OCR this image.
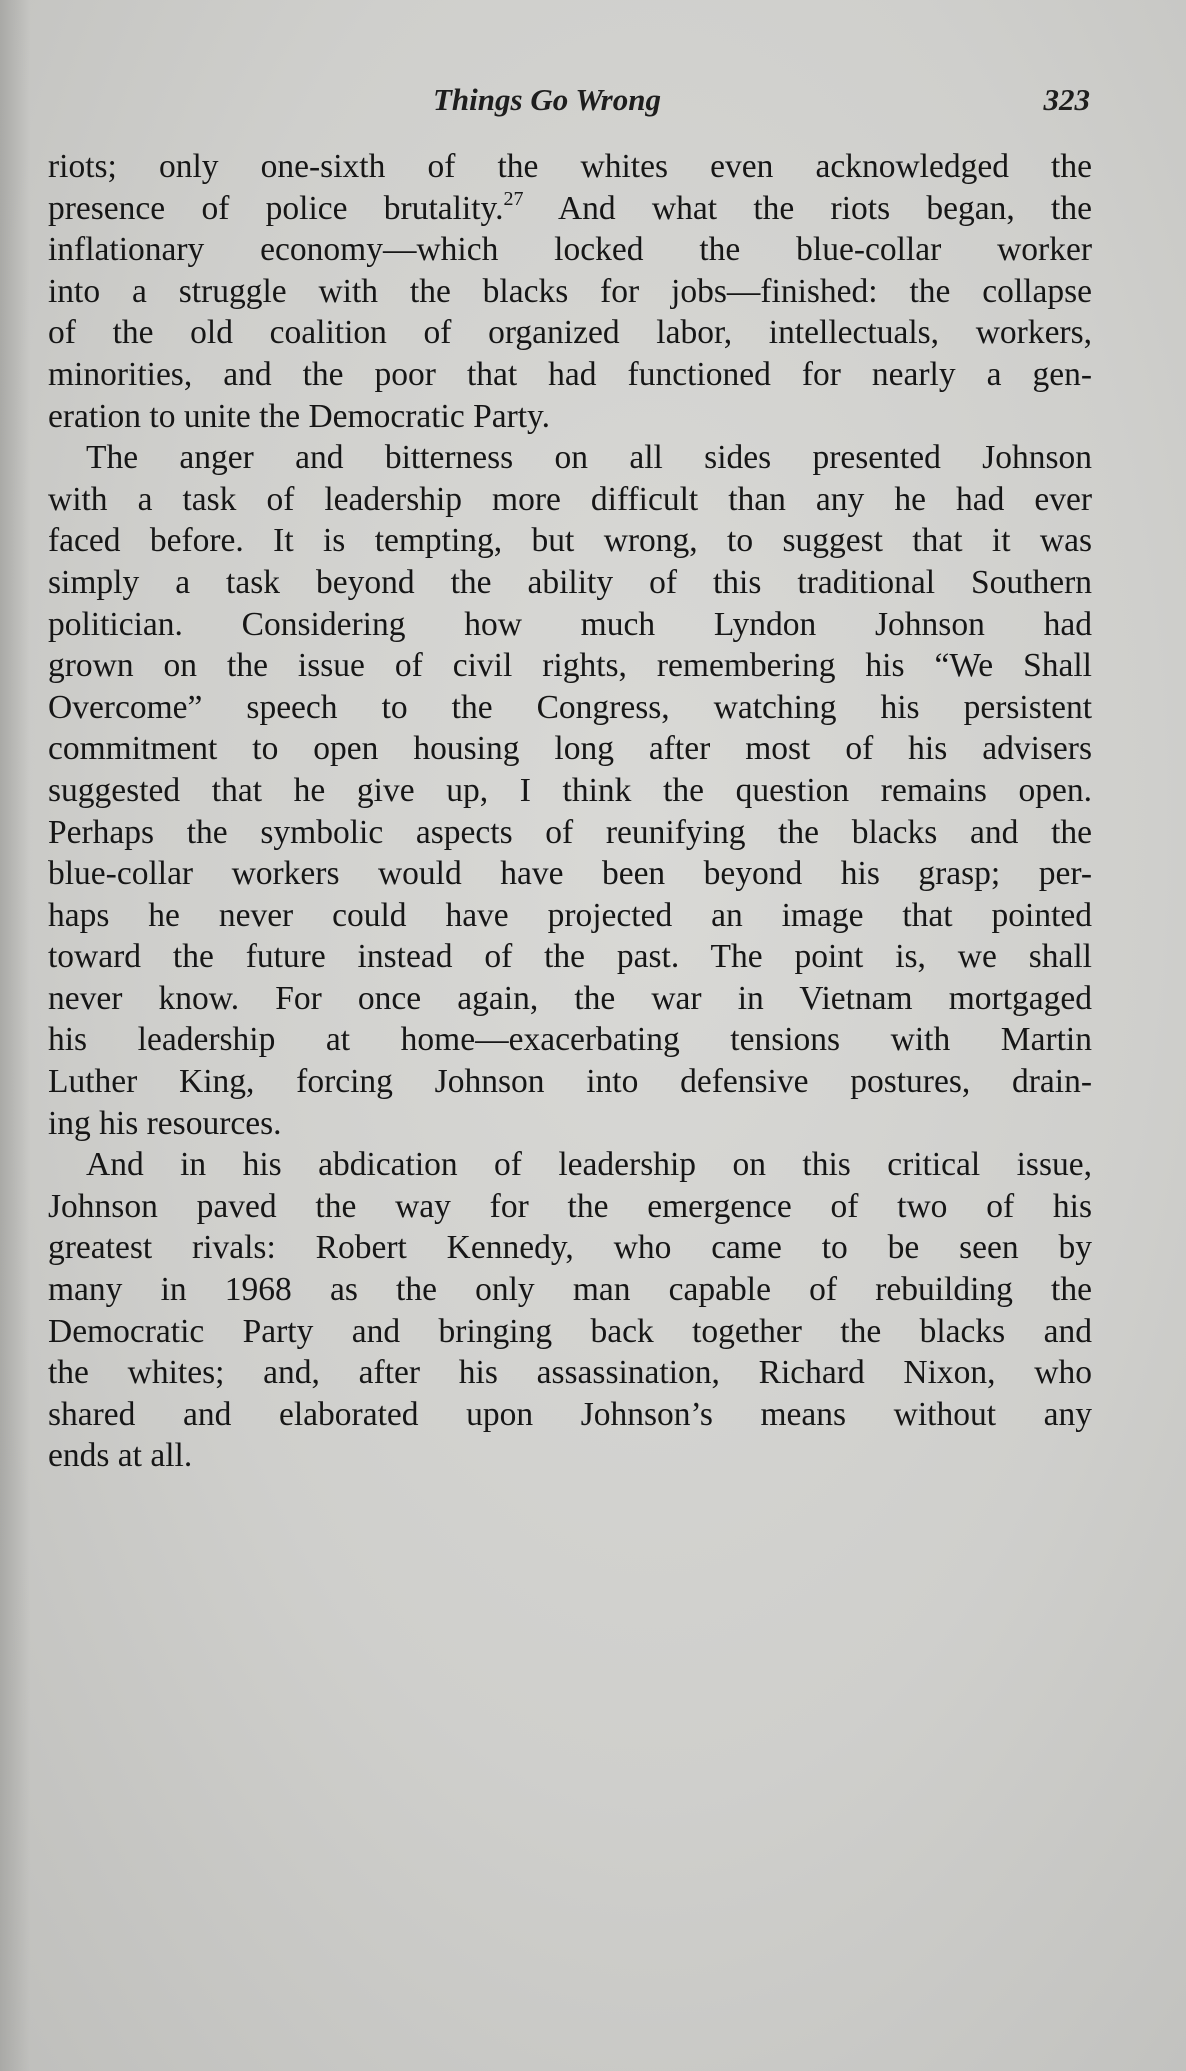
Things Go Wrong	323
riots; only one-sixth of the whites even acknowledged the
presence of police brutality.$^{27}$ And what the riots began, the
inflationary economy—which locked the blue-collar worker
into a struggle with the blacks for jobs—finished: the collapse
of the old coalition of organized labor, intellectuals, workers,
minorities, and the poor that had functioned for nearly a gen-
eration to unite the Democratic Party.
The anger and bitterness on all sides presented Johnson
with a task of leadership more difficult than any he had ever
faced before. It is tempting, but wrong, to suggest that it was
simply a task beyond the ability of this traditional Southern
politician. Considering how much Lyndon Johnson had
grown on the issue of civil rights, remembering his “We Shall
Overcome” speech to the Congress, watching his persistent
commitment to open housing long after most of his advisers
suggested that he give up, I think the question remains open.
Perhaps the symbolic aspects of reunifying the blacks and the
blue-collar workers would have been beyond his grasp; per-
haps he never could have projected an image that pointed
toward the future instead of the past. The point is, we shall
never know. For once again, the war in Vietnam mortgaged
his leadership at home—exacerbating tensions with Martin
Luther King, forcing Johnson into defensive postures, drain-
ing his resources.
And in his abdication of leadership on this critical issue,
Johnson paved the way for the emergence of two of his
greatest rivals: Robert Kennedy, who came to be seen by
many in 1968 as the only man capable of rebuilding the
Democratic Party and bringing back together the blacks and
the whites; and, after his assassination, Richard Nixon, who
shared and elaborated upon Johnson’s means without any
ends at all.
